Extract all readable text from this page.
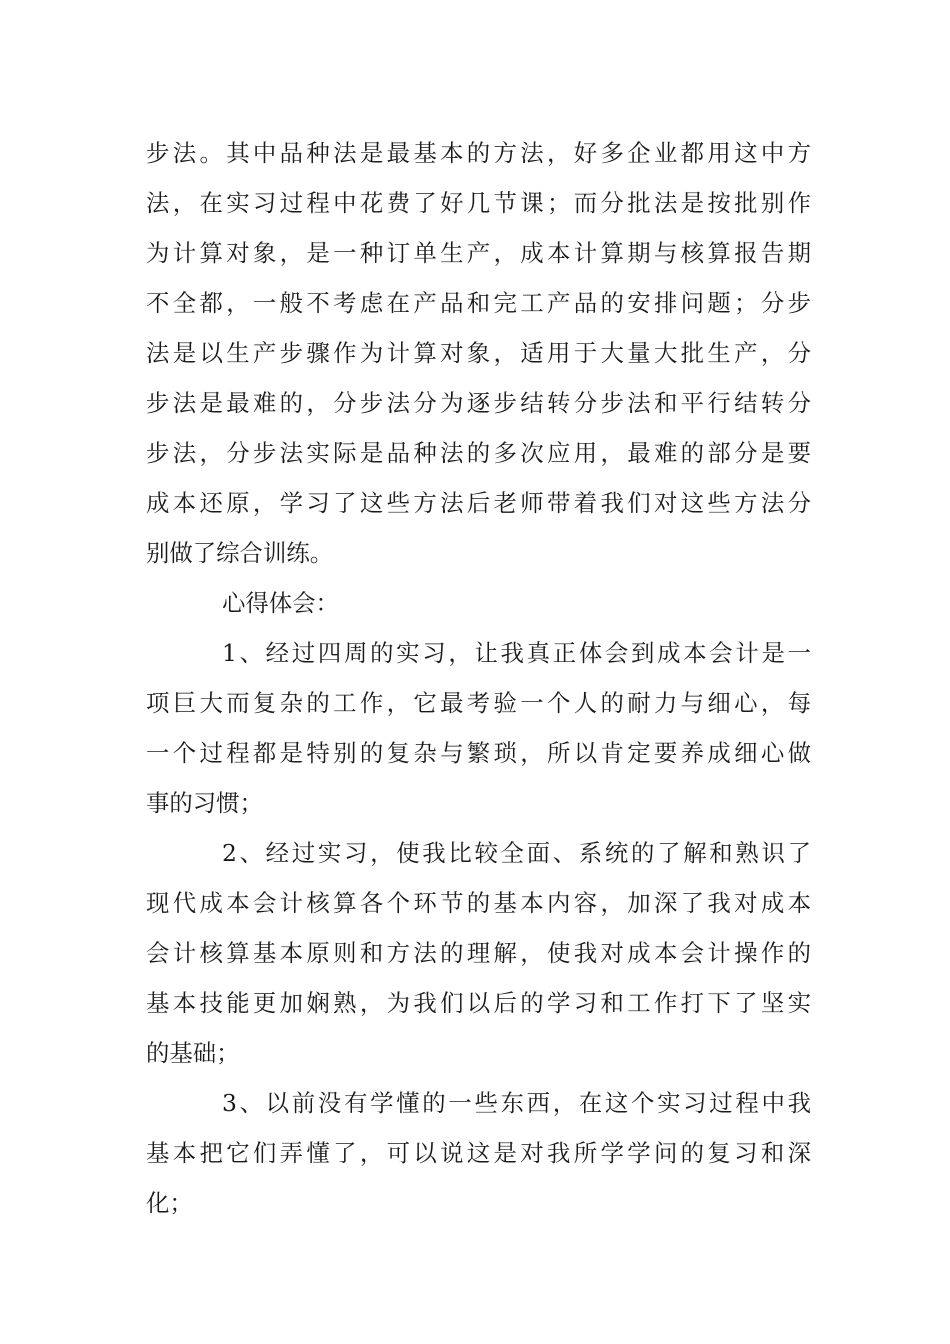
步法。其中品种法是最基本的方法，好多企业都用这中方
法，在实习过程中花费了好几节课；而分批法是按批别作
为计算对象，是一种订单生产，成本计算期与核算报告期
不全都，一般不考虑在产品和完工产品的安排问题；分步
法是以生产步骤作为计算对象，适用于大量大批生产，分
步法是最难的，分步法分为逐步结转分步法和平行结转分
步法，分步法实际是品种法的多次应用，最难的部分是要
成本还原，学习了这些方法后老师带着我们对这些方法分
别做了综合训练。
心得体会：
1、经过四周的实习，让我真正体会到成本会计是一
项巨大而复杂的工作，它最考验一个人的耐力与细心，每
一个过程都是特别的复杂与繁琐，所以肯定要养成细心做
事的习惯；
2、经过实习，使我比较全面、系统的了解和熟识了
现代成本会计核算各个环节的基本内容，加深了我对成本
会计核算基本原则和方法的理解，使我对成本会计操作的
基本技能更加娴熟，为我们以后的学习和工作打下了坚实
的基础；
3、以前没有学懂的一些东西，在这个实习过程中我
基本把它们弄懂了，可以说这是对我所学学问的复习和深
化；
